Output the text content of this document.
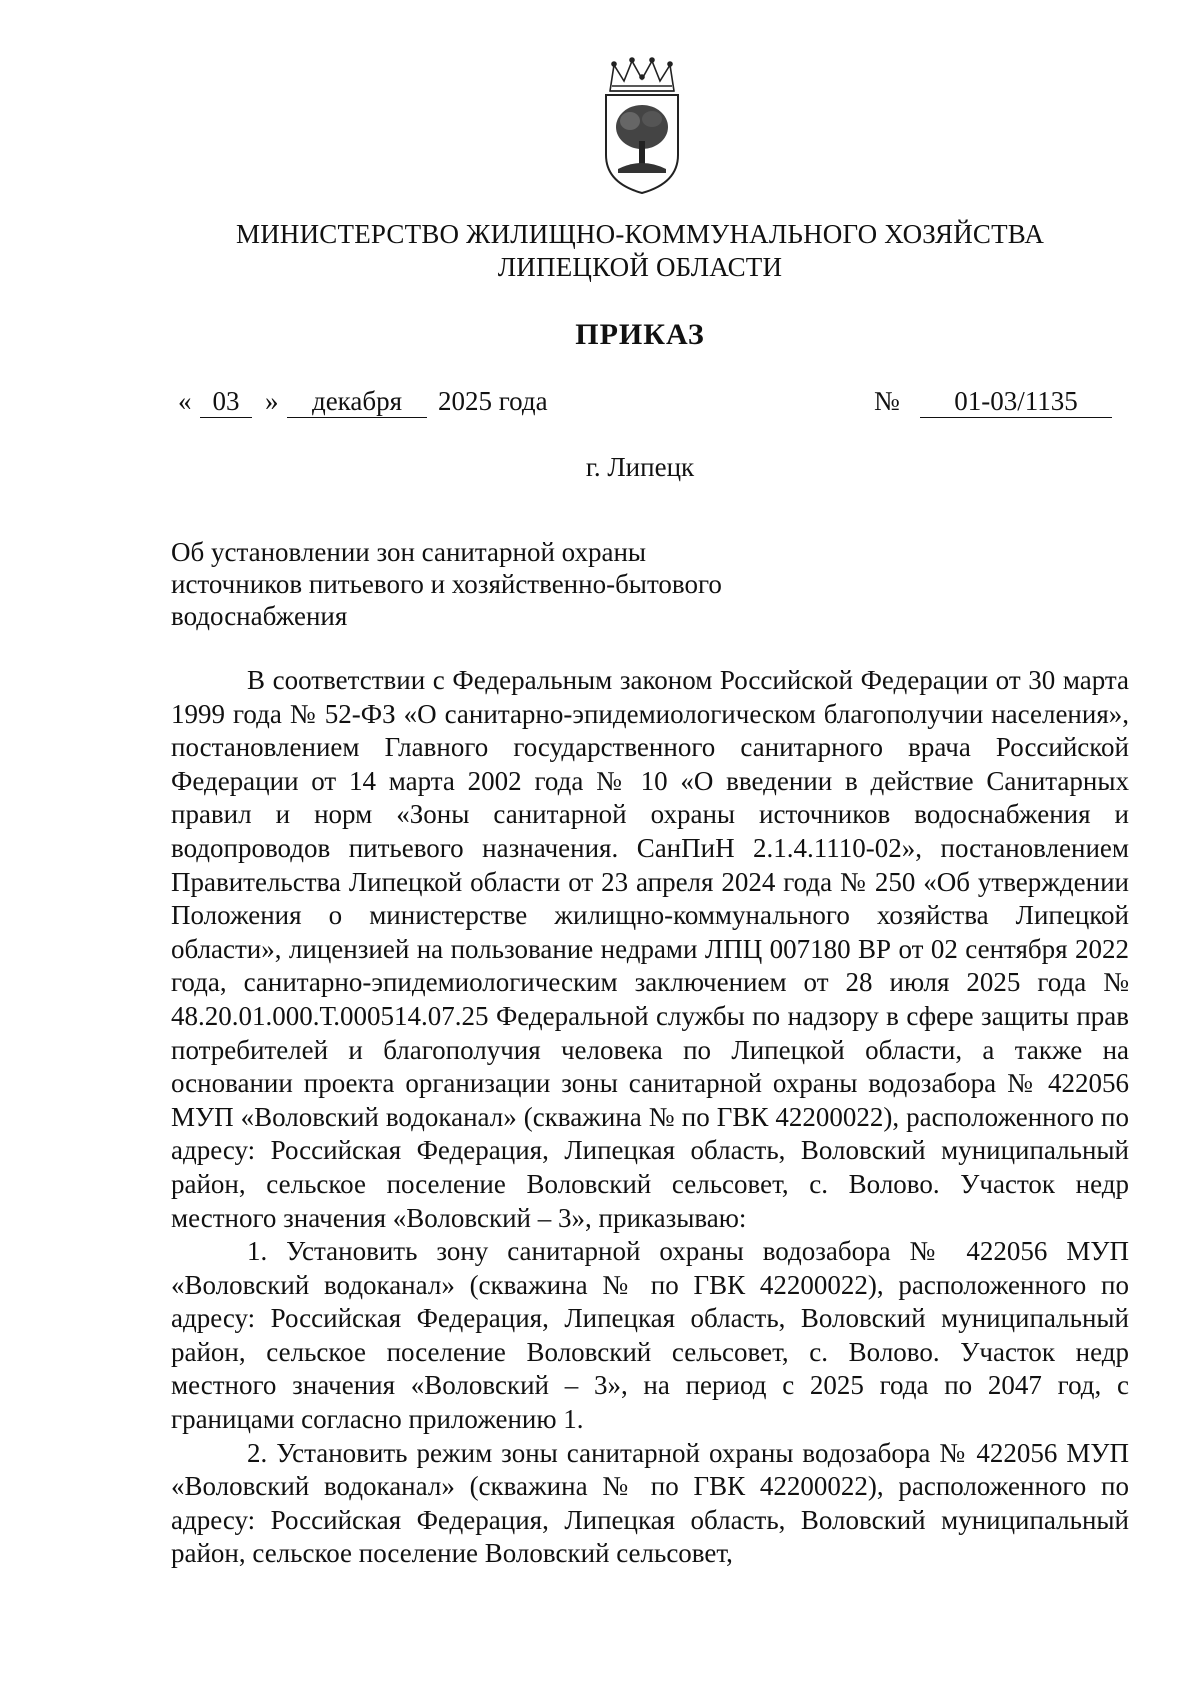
МИНИСТЕРСТВО ЖИЛИЩНО-КОММУНАЛЬНОГО ХОЗЯЙСТВА
ЛИПЕЦКОЙ ОБЛАСТИ
ПРИКАЗ
« 03 »	декабря	2025 года	№	01-03/1135
г. Липецк
Об установлении зон санитарной охраны
источников питьевого и хозяйственно-бытового
водоснабжения

В соответствии с Федеральным законом Российской Федерации от 30 марта 1999 года № 52-ФЗ «О санитарно-эпидемиологическом благополучии населения», постановлением Главного государственного санитарного врача Российской Федерации от 14 марта 2002 года № 10 «О введении в действие Санитарных правил и норм «Зоны санитарной охраны источников водоснабжения и водопроводов питьевого назначения. СанПиН 2.1.4.1110-02», постановлением Правительства Липецкой области от 23 апреля 2024 года № 250 «Об утверждении Положения о министерстве жилищно-коммунального хозяйства Липецкой области», лицензией на пользование недрами ЛПЦ 007180 ВР от 02 сентября 2022 года, санитарно-эпидемиологическим заключением от 28 июля 2025 года № 48.20.01.000.Т.000514.07.25 Федеральной службы по надзору в сфере защиты прав потребителей и благополучия человека по Липецкой области, а также на основании проекта организации зоны санитарной охраны водозабора № 422056 МУП «Воловский водоканал» (скважина № по ГВК 42200022), расположенного по адресу: Российская Федерация, Липецкая область, Воловский муниципальный район, сельское поселение Воловский сельсовет, с. Волово. Участок недр местного значения «Воловский – 3», приказываю:

1. Установить зону санитарной охраны водозабора № 422056 МУП «Воловский водоканал» (скважина № по ГВК 42200022), расположенного по адресу: Российская Федерация, Липецкая область, Воловский муниципальный район, сельское поселение Воловский сельсовет, с. Волово. Участок недр местного значения «Воловский – 3», на период с 2025 года по 2047 год, с границами согласно приложению 1.

2. Установить режим зоны санитарной охраны водозабора № 422056 МУП «Воловский водоканал» (скважина № по ГВК 42200022), расположенного по адресу: Российская Федерация, Липецкая область, Воловский муниципальный район, сельское поселение Воловский сельсовет,
